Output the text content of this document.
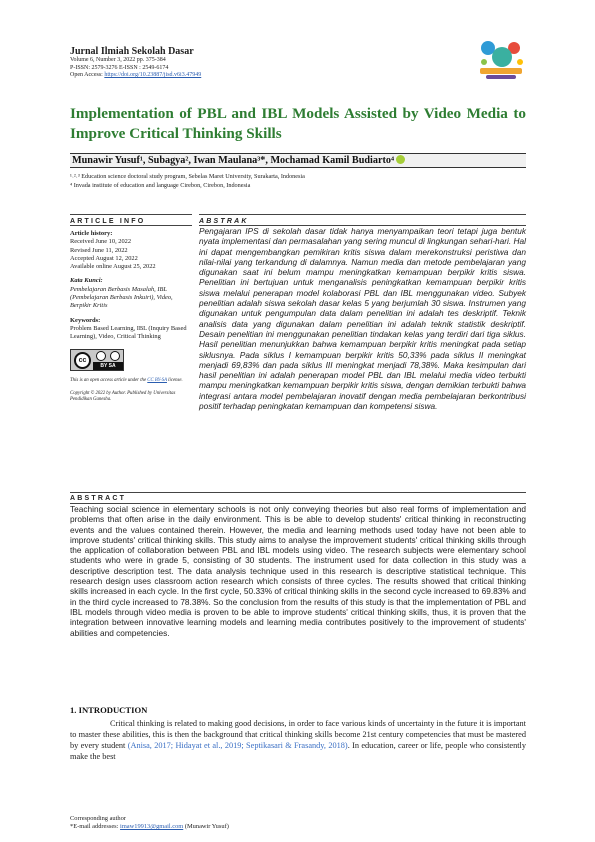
Jurnal Ilmiah Sekolah Dasar
Volume 6, Number 3, 2022 pp. 375-384
P-ISSN: 2579-3276 E-ISSN : 2549-6174
Open Access: https://doi.org/10.23887/jisd.v6i3.47949
Implementation of PBL and IBL Models Assisted by Video Media to Improve Critical Thinking Skills
Munawir Yusuf¹, Subagya², Iwan Maulana³*, Mochamad Kamil Budiarto⁴
¹˒²˒³ Education science doctoral study program, Sebelas Maret University, Surakarta, Indonesia
⁴ Invada institute of education and language Cirebon, Cirebon, Indonesia
ARTICLE INFO	ABSTRAK
Article history:
Received June 10, 2022
Revised June 11, 2022
Accepted August 12, 2022
Available online August 25, 2022
Kata Kunci:
Pembelajaran Berbasis Masalah, IBL (Pembelajaran Berbasis Inkuiri), Video, Berpikir Kritis
Keywords:
Problem Based Learning, IBL (Inquiry Based Learning), Video, Critical Thinking
cc
BY SA
This is an open access article under the CC BY-SA license.
Copyright © 2022 by Author. Published by Universitas Pendidikan Ganesha.
Pengajaran IPS di sekolah dasar tidak hanya menyampaikan teori tetapi juga bentuk nyata implementasi dan permasalahan yang sering muncul di lingkungan sehari-hari. Hal ini dapat mengembangkan pemikiran kritis siswa dalam merekonstruksi peristiwa dan nilai-nilai yang terkandung di dalamnya. Namun media dan metode pembelajaran yang digunakan saat ini belum mampu meningkatkan kemampuan berpikir kritis siswa. Penelitian ini bertujuan untuk menganalisis peningkatkan kemampuan berpikir kritis siswa melalui penerapan model kolaborasi PBL dan IBL menggunakan video. Subyek penelitian adalah siswa sekolah dasar kelas 5 yang berjumlah 30 siswa. Instrumen yang digunakan untuk pengumpulan data dalam penelitian ini adalah tes deskriptif. Teknik analisis data yang digunakan dalam penelitian ini adalah teknik statistik deskriptif. Desain penelitian ini menggunakan penelitian tindakan kelas yang terdiri dari tiga siklus. Hasil penelitian menunjukkan bahwa kemampuan berpikir kritis meningkat pada setiap siklusnya. Pada siklus I kemampuan berpikir kritis 50,33% pada siklus II meningkat menjadi 69,83% dan pada siklus III meningkat menjadi 78,38%. Maka kesimpulan dari hasil penelitian ini adalah penerapan model PBL dan IBL melalui media video terbukti mampu meningkatkan kemampuan berpikir kritis siswa, dengan demikian terbukti bahwa integrasi antara model pembelajaran inovatif dengan media pembelajaran berkontribusi positif terhadap peningkatan kemampuan dan kompetensi siswa.
ABSTRACT
Teaching social science in elementary schools is not only conveying theories but also real forms of implementation and problems that often arise in the daily environment. This is be able to develop students' critical thinking in reconstructing events and the values contained therein. However, the media and learning methods used today have not been able to improve students' critical thinking skills. This study aims to analyse the improvement students' critical thinking skills through the application of collaboration between PBL and IBL models using video. The research subjects were elementary school students who were in grade 5, consisting of 30 students. The instrument used for data collection in this study was a descriptive description test. The data analysis technique used in this research is descriptive statistical technique. This research design uses classroom action research which consists of three cycles. The results showed that critical thinking skills increased in each cycle. In the first cycle, 50.33% of critical thinking skills in the second cycle increased to 69.83% and in the third cycle increased to 78.38%. So the conclusion from the results of this study is that the implementation of PBL and IBL models through video media is proven to be able to improve students' critical thinking skills, thus, it is proven that the integration between innovative learning models and learning media contributes positively to the improvement of students' abilities and competencies.
1. INTRODUCTION
Critical thinking is related to making good decisions, in order to face various kinds of uncertainty in the future it is important to master these abilities, this is then the background that critical thinking skills become 21st century competencies that must be mastered by every student (Anisa, 2017; Hidayat et al., 2019; Septikasari & Frasandy, 2018). In education, career or life, people who consistently make the best
Corresponding author
*E-mail addresses: imaw19913@gmail.com (Munawir Yusuf)
